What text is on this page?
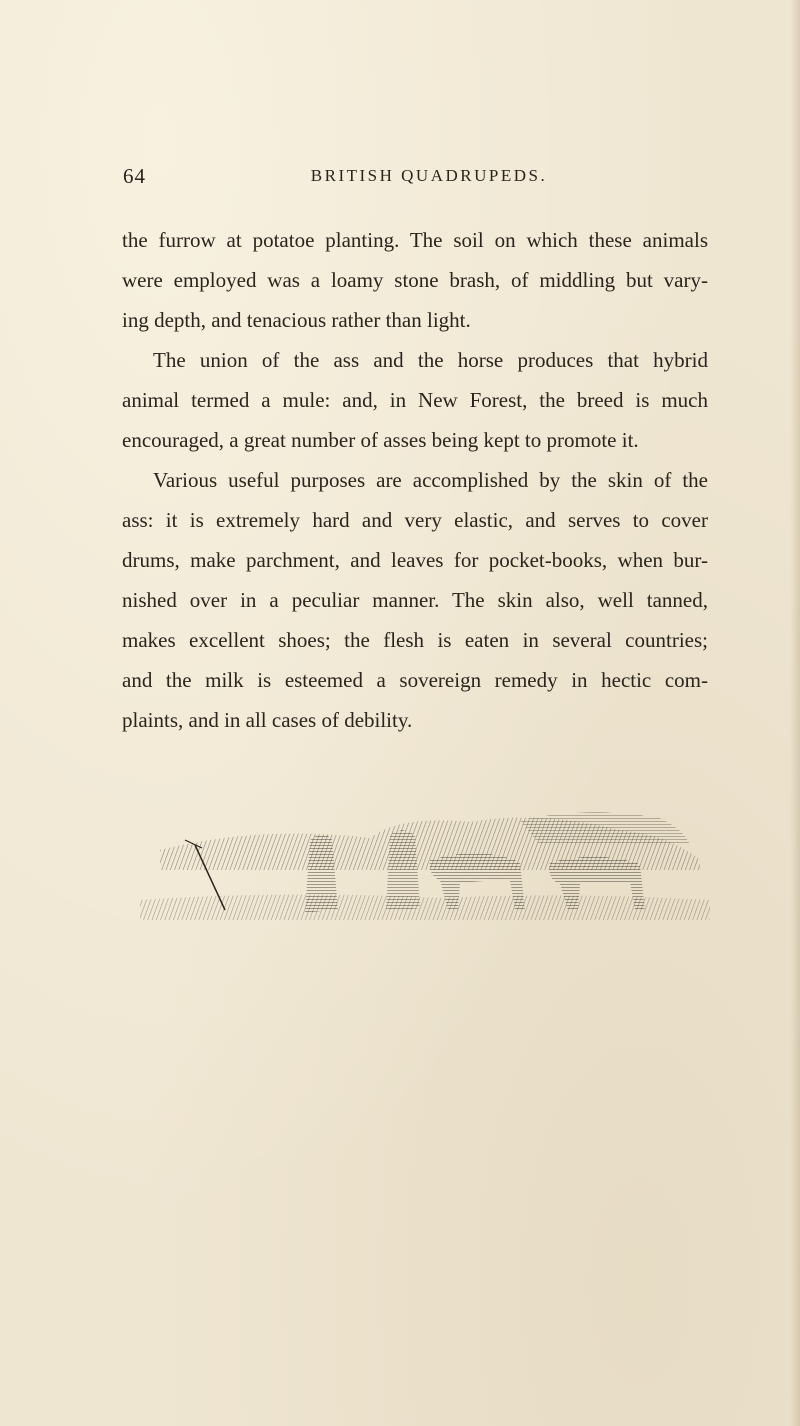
64	BRITISH QUADRUPEDS.
the furrow at potatoe planting. The soil on which these animals
were employed was a loamy stone brash, of middling but vary-
ing depth, and tenacious rather than light.
The union of the ass and the horse produces that hybrid
animal termed a mule: and, in New Forest, the breed is much
encouraged, a great number of asses being kept to promote it.
Various useful purposes are accomplished by the skin of the
ass: it is extremely hard and very elastic, and serves to cover
drums, make parchment, and leaves for pocket-books, when bur-
nished over in a peculiar manner. The skin also, well tanned,
makes excellent shoes; the flesh is eaten in several countries;
and the milk is esteemed a sovereign remedy in hectic com-
plaints, and in all cases of debility.
